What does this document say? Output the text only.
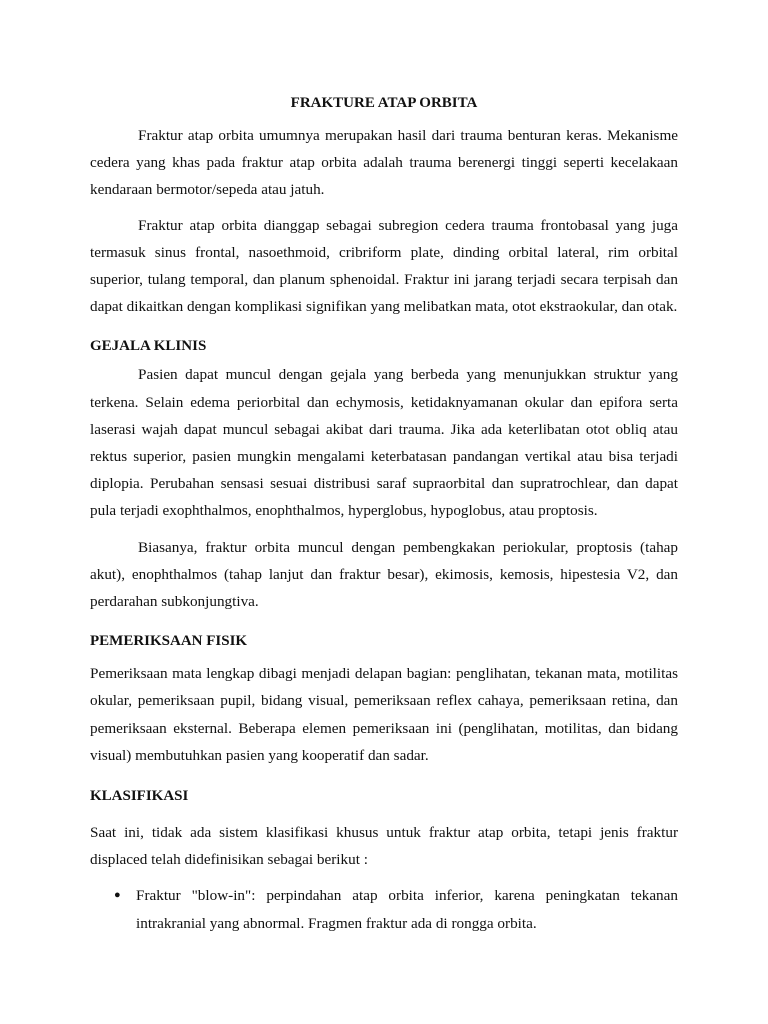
FRAKTURE ATAP ORBITA

Fraktur atap orbita umumnya merupakan hasil dari trauma benturan keras. Mekanisme cedera yang khas pada fraktur atap orbita adalah trauma berenergi tinggi seperti kecelakaan kendaraan bermotor/sepeda atau jatuh.

Fraktur atap orbita dianggap sebagai subregion cedera trauma frontobasal yang juga termasuk sinus frontal, nasoethmoid, cribriform plate, dinding orbital lateral, rim orbital superior, tulang temporal, dan planum sphenoidal. Fraktur ini jarang terjadi secara terpisah dan dapat dikaitkan dengan komplikasi signifikan yang melibatkan mata, otot ekstraokular, dan otak.

GEJALA KLINIS

Pasien dapat muncul dengan gejala yang berbeda yang menunjukkan struktur yang terkena. Selain edema periorbital dan echymosis, ketidaknyamanan okular dan epifora serta laserasi wajah dapat muncul sebagai akibat dari trauma. Jika ada keterlibatan otot obliq atau rektus superior, pasien mungkin mengalami keterbatasan pandangan vertikal atau bisa terjadi diplopia. Perubahan sensasi sesuai distribusi saraf supraorbital dan supratrochlear, dan dapat pula terjadi exophthalmos, enophthalmos, hyperglobus, hypoglobus, atau proptosis.

Biasanya, fraktur orbita muncul dengan pembengkakan periokular, proptosis (tahap akut), enophthalmos (tahap lanjut dan fraktur besar), ekimosis, kemosis, hipestesia V2, dan perdarahan subkonjungtiva.

PEMERIKSAAN FISIK

Pemeriksaan mata lengkap dibagi menjadi delapan bagian: penglihatan, tekanan mata, motilitas okular, pemeriksaan pupil, bidang visual, pemeriksaan reflex cahaya, pemeriksaan retina, dan pemeriksaan eksternal. Beberapa elemen pemeriksaan ini (penglihatan, motilitas, dan bidang visual) membutuhkan pasien yang kooperatif dan sadar.

KLASIFIKASI

Saat ini, tidak ada sistem klasifikasi khusus untuk fraktur atap orbita, tetapi jenis fraktur displaced telah didefinisikan sebagai berikut :

● Fraktur "blow-in": perpindahan atap orbita inferior, karena peningkatan tekanan intrakranial yang abnormal. Fragmen fraktur ada di rongga orbita.
